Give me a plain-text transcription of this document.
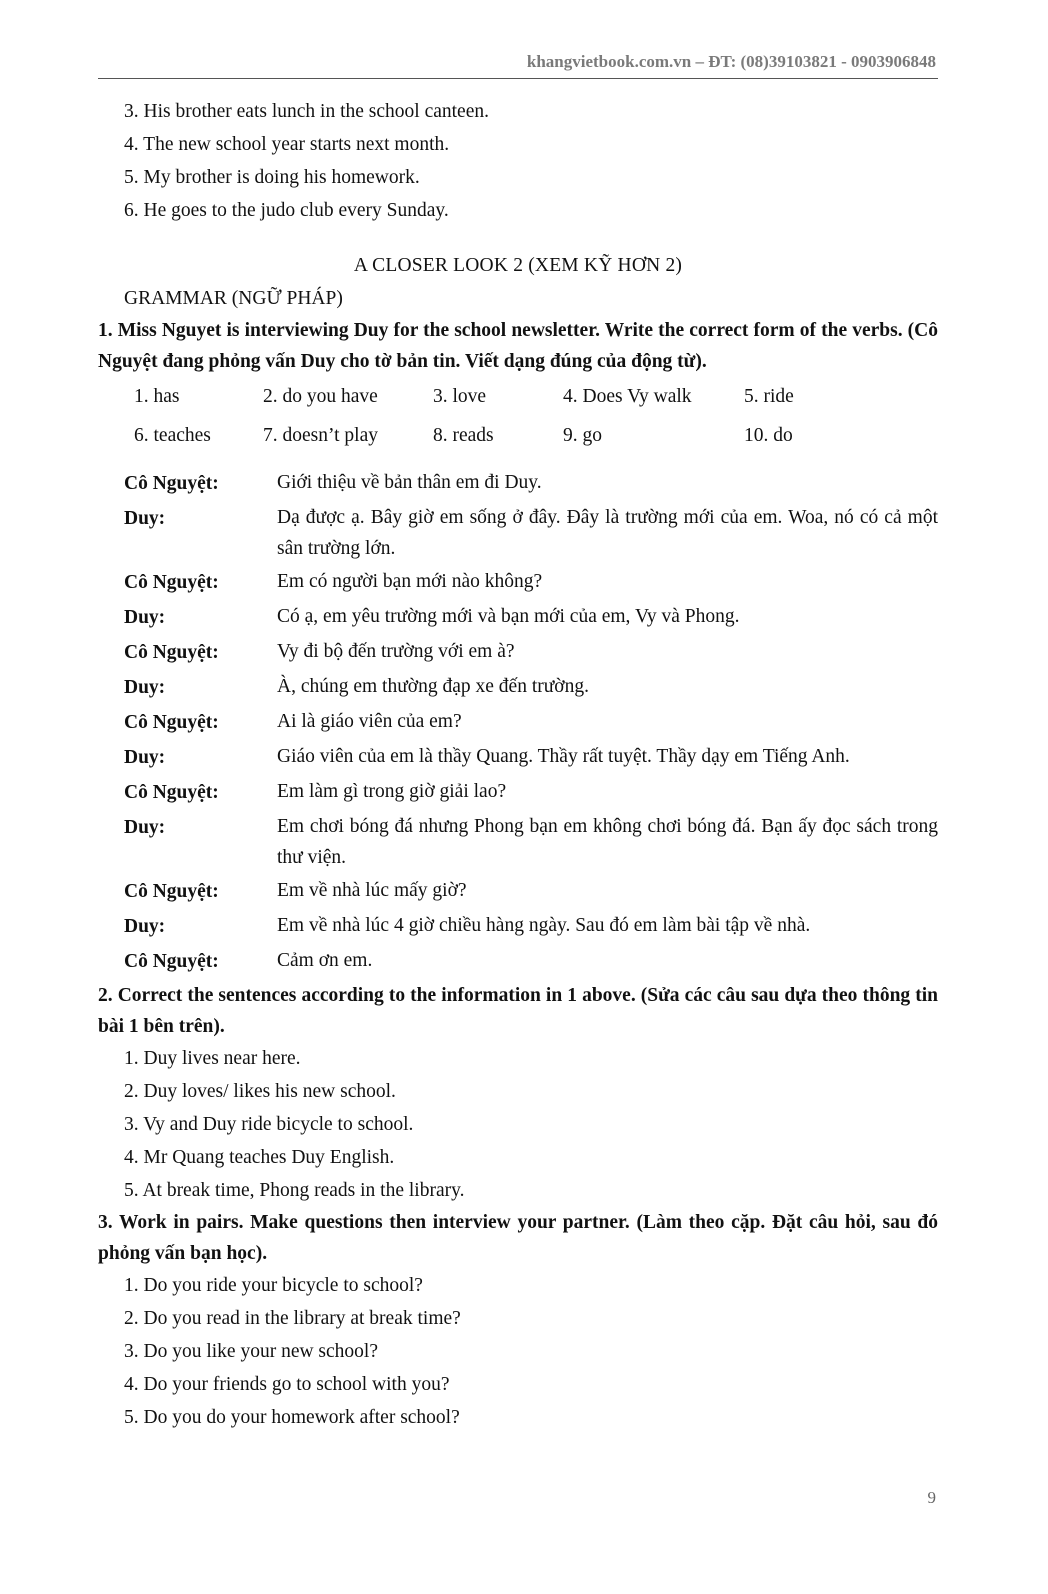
khangvietbook.com.vn – ĐT: (08)39103821 - 0903906848
3. His brother eats lunch in the school canteen.
4. The new school year starts next month.
5. My brother is doing his homework.
6. He goes to the judo club every Sunday.
A CLOSER LOOK 2 (XEM KỸ HƠN 2)
GRAMMAR (NGỮ PHÁP)
1. Miss Nguyet is interviewing Duy for the school newsletter. Write the correct form of the verbs. (Cô Nguyệt đang phỏng vấn Duy cho tờ bản tin. Viết dạng đúng của động từ).
1. has	2. do you have	3. love	4. Does Vy walk	5. ride
6. teaches	7. doesn’t play	8. reads	9. go	10. do
Cô Nguyệt:	Giới thiệu về bản thân em đi Duy.
Duy:	Dạ được ạ. Bây giờ em sống ở đây. Đây là trường mới của em. Woa, nó có cả một sân trường lớn.
Cô Nguyệt:	Em có người bạn mới nào không?
Duy:	Có ạ, em yêu trường mới và bạn mới của em, Vy và Phong.
Cô Nguyệt:	Vy đi bộ đến trường với em à?
Duy:	À, chúng em thường đạp xe đến trường.
Cô Nguyệt:	Ai là giáo viên của em?
Duy:	Giáo viên của em là thầy Quang. Thầy rất tuyệt. Thầy dạy em Tiếng Anh.
Cô Nguyệt:	Em làm gì trong giờ giải lao?
Duy:	Em chơi bóng đá nhưng Phong bạn em không chơi bóng đá. Bạn ấy đọc sách trong thư viện.
Cô Nguyệt:	Em về nhà lúc mấy giờ?
Duy:	Em về nhà lúc 4 giờ chiều hàng ngày. Sau đó em làm bài tập về nhà.
Cô Nguyệt:	Cảm ơn em.
2. Correct the sentences according to the information in 1 above. (Sửa các câu sau dựa theo thông tin bài 1 bên trên).
1. Duy lives near here.
2. Duy loves/ likes his new school.
3. Vy and Duy ride bicycle to school.
4. Mr Quang teaches Duy English.
5. At break time, Phong reads in the library.
3. Work in pairs. Make questions then interview your partner. (Làm theo cặp. Đặt câu hỏi, sau đó phỏng vấn bạn học).
1. Do you ride your bicycle to school?
2. Do you read in the library at break time?
3. Do you like your new school?
4. Do your friends go to school with you?
5. Do you do your homework after school?
9
